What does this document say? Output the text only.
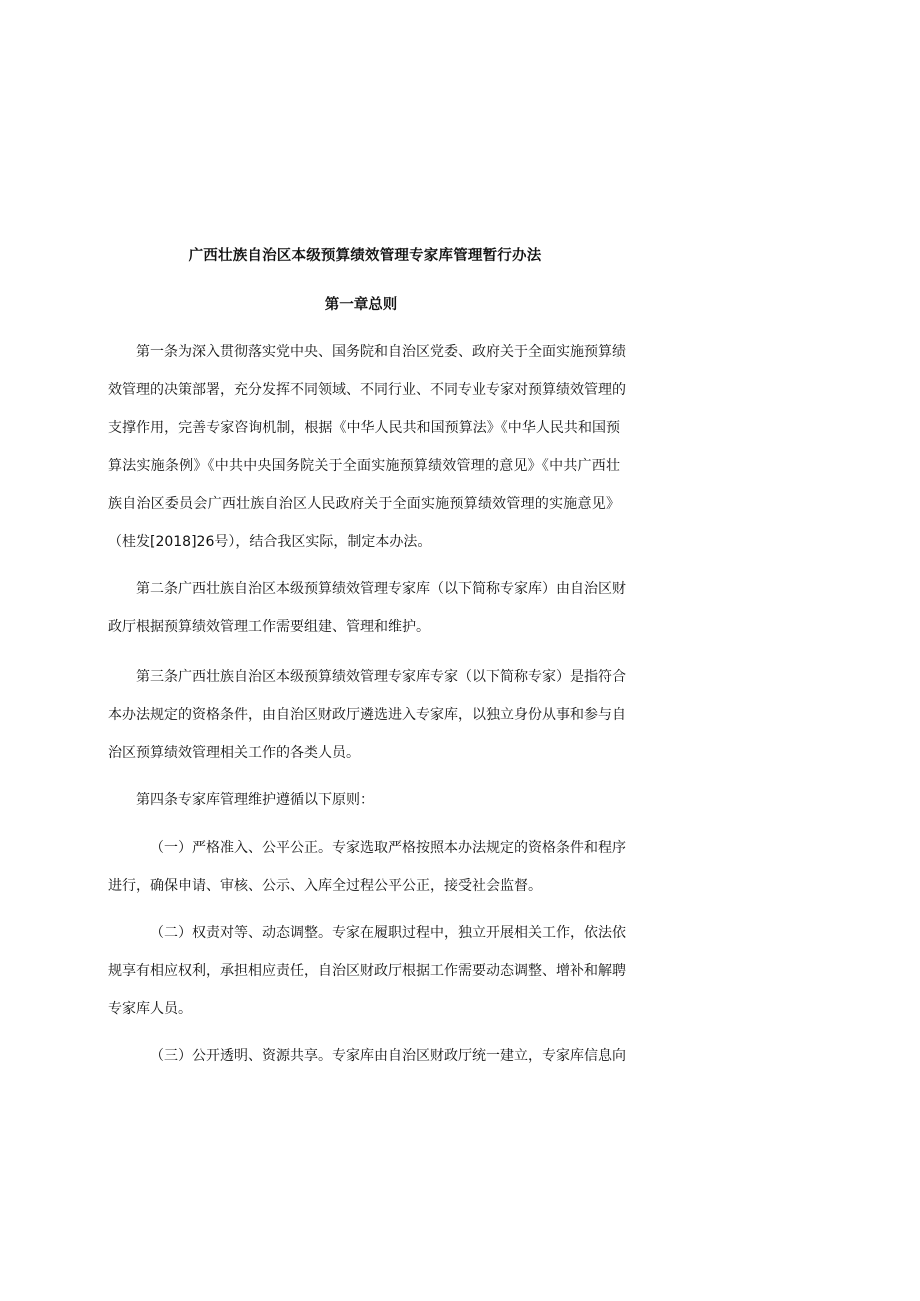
广西壮族自治区本级预算绩效管理专家库管理暂行办法
第一章总则
第一条为深入贯彻落实党中央、国务院和自治区党委、政府关于全面实施预算绩
效管理的决策部署，充分发挥不同领域、不同行业、不同专业专家对预算绩效管理的
支撑作用，完善专家咨询机制，根据《中华人民共和国预算法》《中华人民共和国预
算法实施条例》《中共中央国务院关于全面实施预算绩效管理的意见》《中共广西壮
族自治区委员会广西壮族自治区人民政府关于全面实施预算绩效管理的实施意见》
（桂发[2018]26号），结合我区实际，制定本办法。
第二条广西壮族自治区本级预算绩效管理专家库（以下简称专家库）由自治区财
政厅根据预算绩效管理工作需要组建、管理和维护。
第三条广西壮族自治区本级预算绩效管理专家库专家（以下简称专家）是指符合
本办法规定的资格条件，由自治区财政厅遴选进入专家库，以独立身份从事和参与自
治区预算绩效管理相关工作的各类人员。
第四条专家库管理维护遵循以下原则：
（一）严格准入、公平公正。专家选取严格按照本办法规定的资格条件和程序
进行，确保申请、审核、公示、入库全过程公平公正，接受社会监督。
（二）权责对等、动态调整。专家在履职过程中，独立开展相关工作，依法依
规享有相应权利，承担相应责任，自治区财政厅根据工作需要动态调整、增补和解聘
专家库人员。
（三）公开透明、资源共享。专家库由自治区财政厅统一建立，专家库信息向
